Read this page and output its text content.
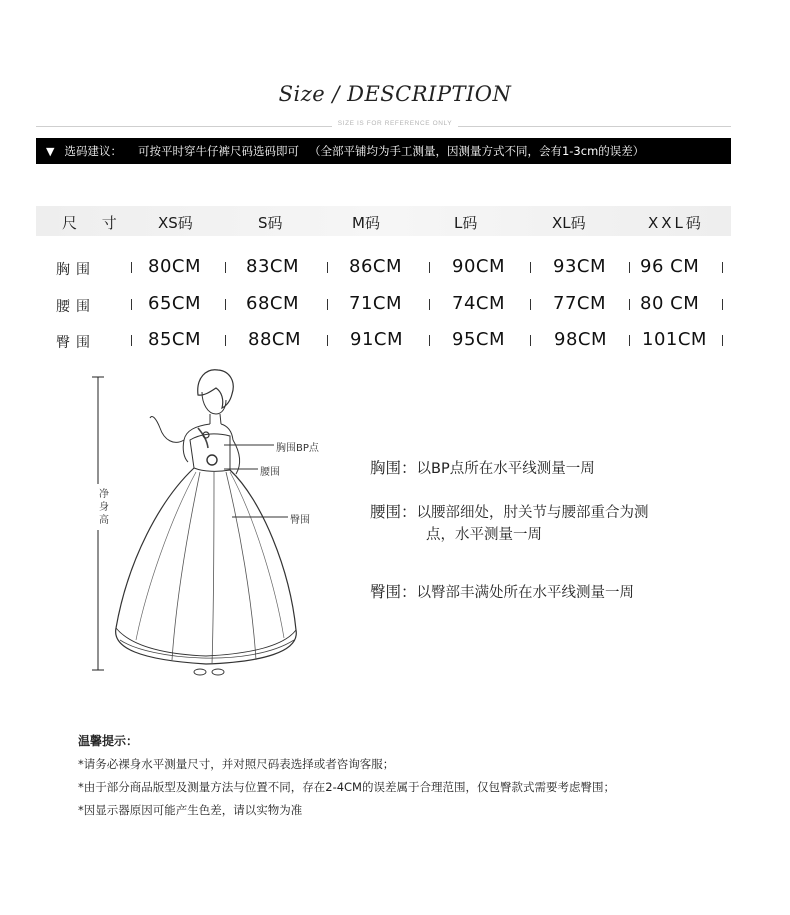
Size / DESCRIPTION
SIZE IS FOR REFERENCE ONLY
▼ 选码建议： 可按平时穿牛仔裤尺码选码即可 （全部平铺均为手工测量，因测量方式不同，会有1-3cm的误差）
尺 寸 XS码	S码	M码	L码	XL码	XXL码
胸围	80CM 83CM	86CM	90CM	93CM 96 CM
腰围	65CM 68CM	71CM	74CM	77CM 80 CM
臀围	85CM	88CM	91CM	95CM	98CM 101CM
胸围BP点
腰围
臀围
净身高
胸围：以BP点所在水平线测量一周
腰围：以腰部细处，肘关节与腰部重合为测
点，水平测量一周
臀围：以臀部丰满处所在水平线测量一周
温馨提示：
*请务必裸身水平测量尺寸，并对照尺码表选择或者咨询客服；
*由于部分商品版型及测量方法与位置不同，存在2-4CM的误差属于合理范围，仅包臀款式需要考虑臀围；
*因显示器原因可能产生色差，请以实物为准
